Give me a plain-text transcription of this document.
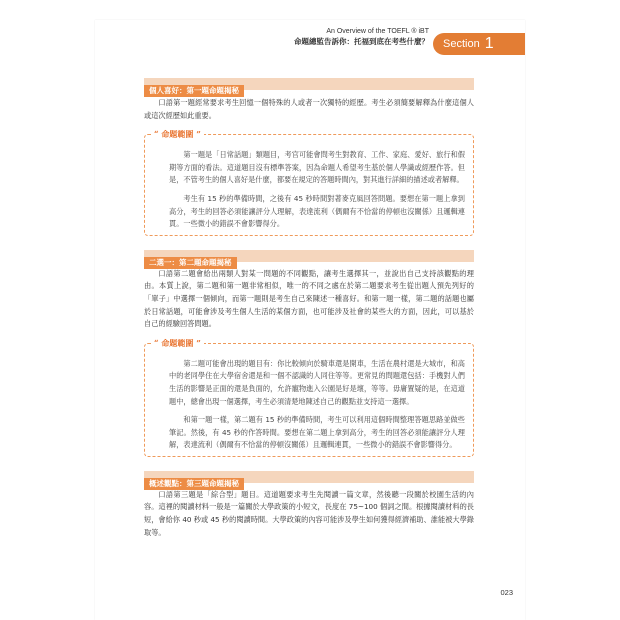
An Overview of the TOEFL ® iBT
命題總監告訴你：托福到底在考些什麼？ Section 1
個人喜好：第一題命題揭秘

口語第一題經常要求考生回憶一個特殊的人或者一次獨特的經歷。考生必須簡要解釋為什麼這個人或這次經歷如此重要。

“ 命題範圍 ”

第一題是「日常話題」類題目，考官可能會問考生對教育、工作、家庭、愛好、旅行和假期等方面的看法。這道題目沒有標準答案，因為命題人希望考生基於個人學識或經歷作答。但是，不管考生的個人喜好是什麼，都要在規定的答題時間內，對其進行詳細的描述或者解釋。

考生有 15 秒的準備時間，之後有 45 秒時間對著麥克風回答問題。要想在第一題上拿到高分，考生的回答必須能讓評分人理解，表達流利（偶爾有不恰當的停頓也沒關係）且邏輯連貫。一些微小的錯誤不會影響得分。

二選一：第二題命題揭秘

口語第二題會給出兩類人對某一問題的不同觀點，讓考生選擇其一，並說出自己支持該觀點的理由。本質上說，第二題和第一題非常相似，唯一的不同之處在於第二題要求考生從出題人預先列好的「單子」中選擇一個傾向，而第一題則是考生自己來陳述一種喜好。和第一題一樣，第二題的話題也屬於日常話題，可能會涉及考生個人生活的某個方面，也可能涉及社會的某些大的方面，因此，可以基於自己的經驗回答問題。

“ 命題範圍 ”

第二題可能會出現的題目有：你比較傾向於騎車還是開車，生活在農村還是大城市，和高中的老同學住在大學宿舍還是和一個不認識的人同住等等。更常見的問題還包括：手機對人們生活的影響是正面的還是負面的，允許寵物進入公園是好是壞，等等。毋庸置疑的是，在這道題中，總會出現一個選擇，考生必須清楚地陳述自己的觀點並支持這一選擇。

和第一題一樣，第二題有 15 秒的準備時間，考生可以利用這個時間整理答題思路並做些筆記。然後，有 45 秒的作答時間。要想在第二題上拿到高分，考生的回答必須能讓評分人理解，表達流利（偶爾有不恰當的停頓沒關係）且邏輯連貫，一些微小的錯誤不會影響得分。

概述觀點：第三題命題揭秘

口語第三題是「綜合型」題目。這道題要求考生先閱讀一篇文章，然後聽一段關於校園生活的內容。這裡的閱讀材料一般是一篇關於大學政策的小短文，長度在 75~100 個詞之間。根據閱讀材料的長短，會給你 40 秒或 45 秒的閱讀時間。大學政策的內容可能涉及學生如何獲得經濟補助、誰能被大學錄取等。

023
